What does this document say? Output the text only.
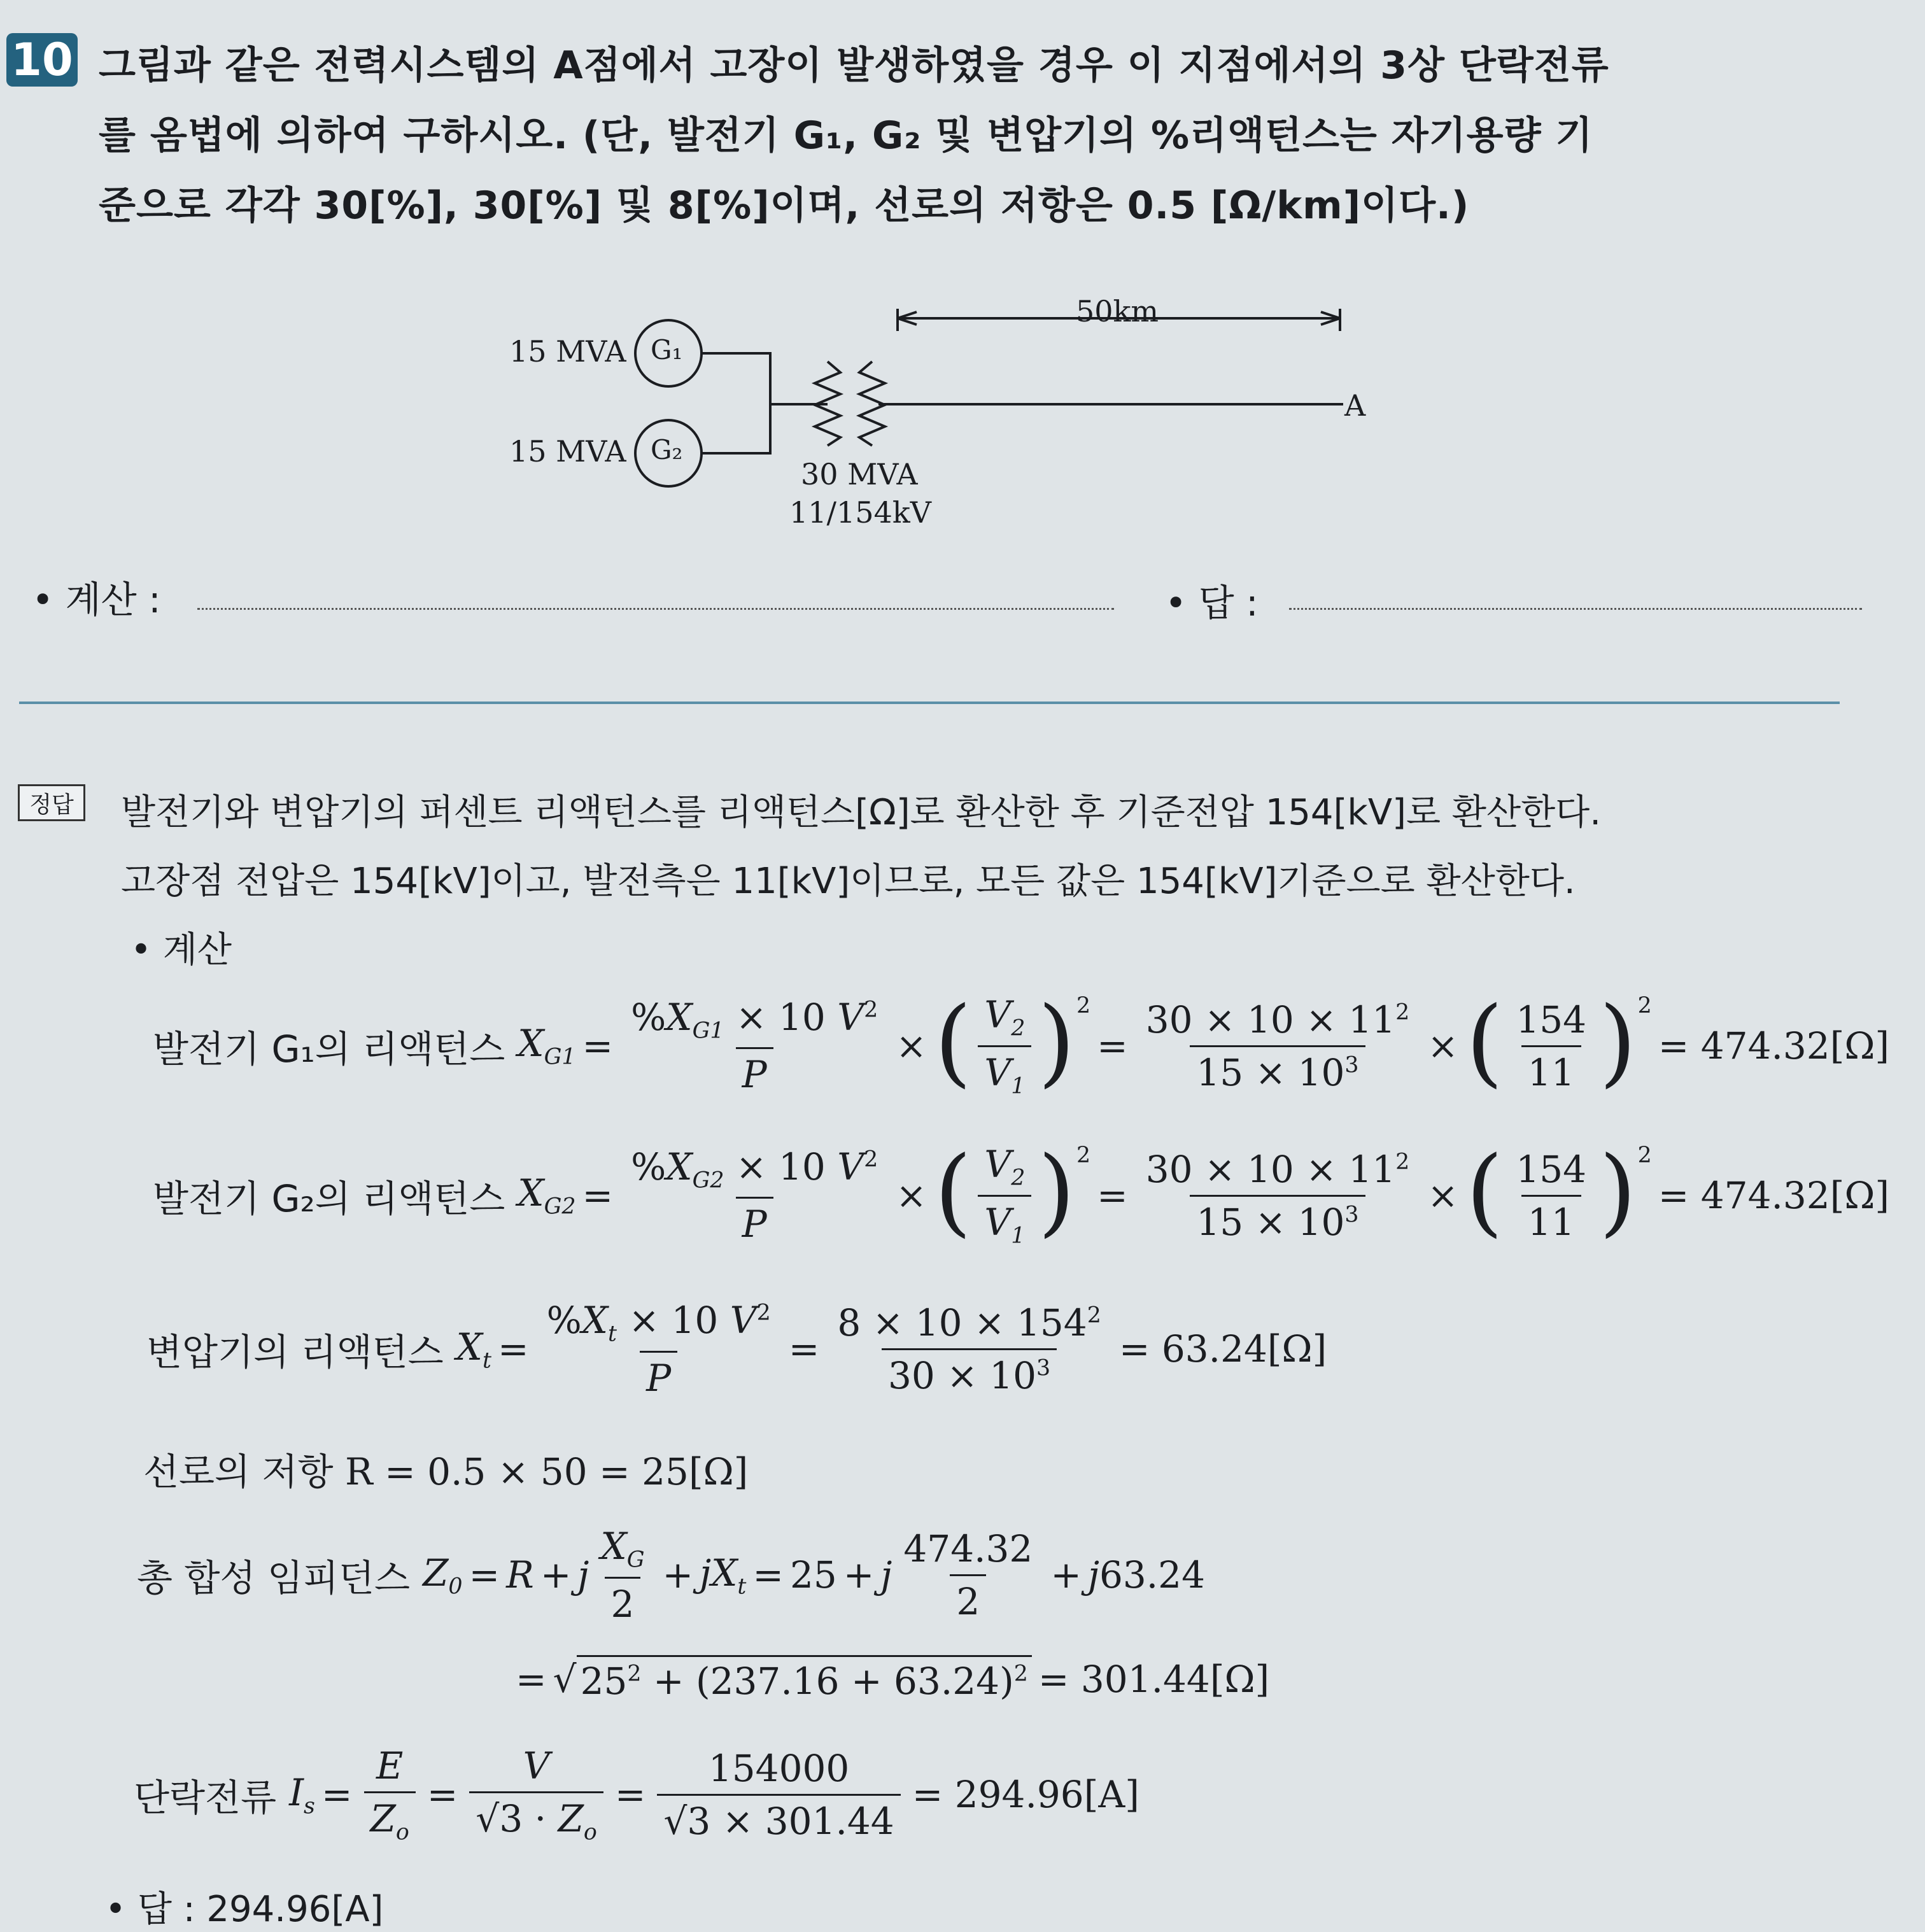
10 그림과 같은 전력시스템의 A점에서 고장이 발생하였을 경우 이 지점에서의 3상 단락전류
를 옴법에 의하여 구하시오. (단, 발전기 G₁, G₂ 및 변압기의 %리액턴스는 자기용량 기
준으로 각각 30[%], 30[%] 및 8[%]이며, 선로의 저항은 0.5 [Ω/km]이다.)
15 MVA G₁
15 MVA G₂
50km
A
30 MVA
11/154kV
• 계산 :	• 답 :
정답	발전기와 변압기의 퍼센트 리액턴스를 리액턴스[Ω]로 환산한 후 기준전압 154[kV]로 환산한다.
고장점 전압은 154[kV]이고, 발전측은 11[kV]이므로, 모든 값은 154[kV]기준으로 환산한다.
• 계산
발전기 G₁의 리액턴스 $X_{G1} = \frac{\%X_{G1} \times 10 V^2}{P}$ × ( $\frac{V_2}{V_1} )^2$
= $\frac{30 \times 10 \times 11^2}{15 \times 10^3}$ × ( $\frac{154}{11} )^2$
= 474.32[Ω]
발전기 G₂의 리액턴스 $X_{G2} = \frac{\%X_{G2} \times 10 V^2}{P}$ × ( $\frac{V_2}{V_1} )^2$
= $\frac{30 \times 10 \times 11^2}{15 \times 10^3}$ × ( $\frac{154}{11} )^2$
= 474.32[Ω]
변압기의 리액턴스 $X_t = \frac{\%X_t \times 10 V^2}{P} = \frac{8 \times 10 \times 154^2}{30 \times 10^3} = 63.24[\Omega]$
선로의 저항 R = 0.5 × 50 = 25[Ω]
총 합성 임피던스 $Z_0 = R + j \frac{X_G}{2} + jX_t = 25 + j \frac{474.32}{2} + j63.24$
= √ $25^2 + (237.16 + 63.24)^2 = 301.44[\Omega]$
단락전류 $I_s = \frac{E}{Z_o} = \frac{V}{√3 \cdot Z_o} = \frac{154000}{√3 \times 301.44} = 294.96[A]$
• 답 : 294.96[A]
